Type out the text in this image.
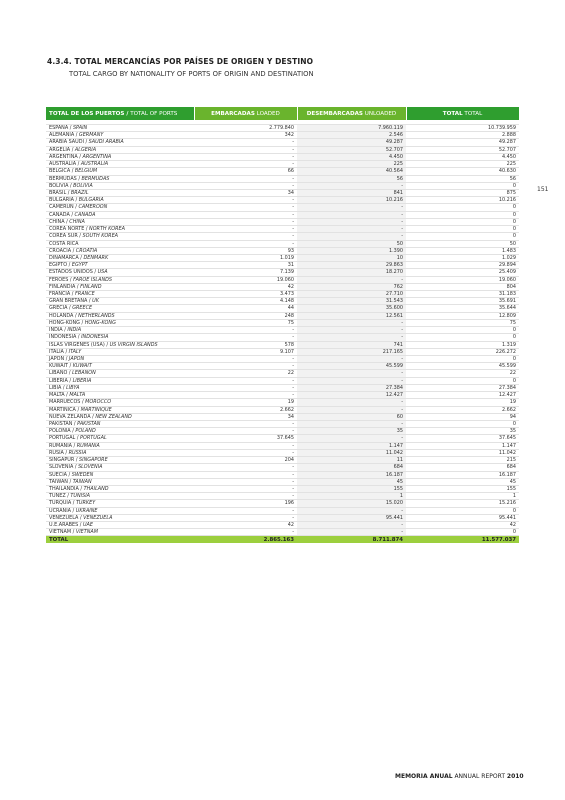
4.3.4. TOTAL MERCANCÍAS POR PAÍSES DE ORIGEN Y DESTINO
TOTAL CARGO BY NATIONALITY OF PORTS OF ORIGIN AND DESTINATION
151
TOTAL DE LOS PUERTOS / TOTAL OF PORTS	EMBARCADAS LOADED	DESEMBARCADAS UNLOADED	TOTAL TOTAL

ESPAÑA / SPAIN	2.779.840	7.960.119	10.739.959
ALEMANIA / GERMANY	342	2.546	2.888
ARABIA SAUDÍ / SAUDI ARABIA	-	49.287	49.287
ARGELIA / ALGERIA	-	52.707	52.707
ARGENTINA / ARGENTINA	-	4.450	4.450
AUSTRALIA / AUSTRALIA	-	225	225
BELGICA / BELGIUM	66	40.564	40.630
BERMUDAS / BERMUDAS	-	56	56
BOLIVIA / BOLIVIA	-	-	0
BRASIL / BRAZIL	34	841	875
BULGARIA / BULGARIA	-	10.216	10.216
CAMERUN / CAMEROON	-	-	0
CANADA / CANADA	-	-	0
CHINA / CHINA	-	-	0
COREA NORTE / NORTH KOREA	-	-	0
COREA SUR / SOUTH KOREA	-	-	0
COSTA RICA	-	50	50
CROACIA / CROATIA	93	1.390	1.483
DINAMARCA / DENMARK	1.019	10	1.029
EGIPTO / EGYPT	31	29.863	29.894
ESTADOS UNIDOS / USA	7.139	18.270	25.409
FEROES / FAROE ISLANDS	19.060	-	19.060
FINLANDIA / FINLAND	42	762	804
FRANCIA / FRANCE	3.473	27.710	31.183
GRAN BRETAÑA / UK	4.148	31.543	35.691
GRECIA / GREECE	44	35.600	35.644
HOLANDA / NETHERLANDS	248	12.561	12.809
HONG-KONG / HONG-KONG	75	-	75
INDIA / INDIA	-	-	0
INDONESIA / INDONESIA	-	-	0
ISLAS VIRGENES (USA) / US VIRGIN ISLANDS	578	741	1.319
ITALIA / ITALY	9.107	217.165	226.272
JAPON / JAPON	-	-	0
KUWAIT / KUWAIT	-	45.599	45.599
LIBANO / LEBANON	22	-	22
LIBERIA / LIBERIA	-	-	0
LIBIA / LIBYA	-	27.384	27.384
MALTA / MALTA	-	12.427	12.427
MARRUECOS / MOROCCO	19	-	19
MARTINICA / MARTINIQUE	2.662	-	2.662
NUEVA ZELANDA / NEW ZEALAND	34	60	94
PAKISTAN / PAKISTAN	-	-	0
POLONIA / POLAND	-	35	35
PORTUGAL / PORTUGAL	37.645	-	37.645
RUMANIA / RUMANIA	-	1.147	1.147
RUSIA / RUSSIA	-	11.042	11.042
SINGAPUR / SINGAPORE	204	11	215
SLOVENIA / SLOVENIA	-	684	684
SUECIA / SWEDEN	-	16.187	16.187
TAIWAN / TAIWAN	-	45	45
THAILANDIA / THAILAND	-	155	155
TUNEZ / TUNISIA	-	1	1
TURQUIA / TURKEY	196	15.020	15.216
UCRANIA / UKRAINE	-	-	0
VENEZUELA / VENEZUELA	-	95.441	95.441
U.E.ARABES / UAE	42	-	42
VIETNAM / VIETNAM	-	-	0
TOTAL	2.865.163	8.711.874	11.577.037
MEMORIA ANUAL ANNUAL REPORT 2010
